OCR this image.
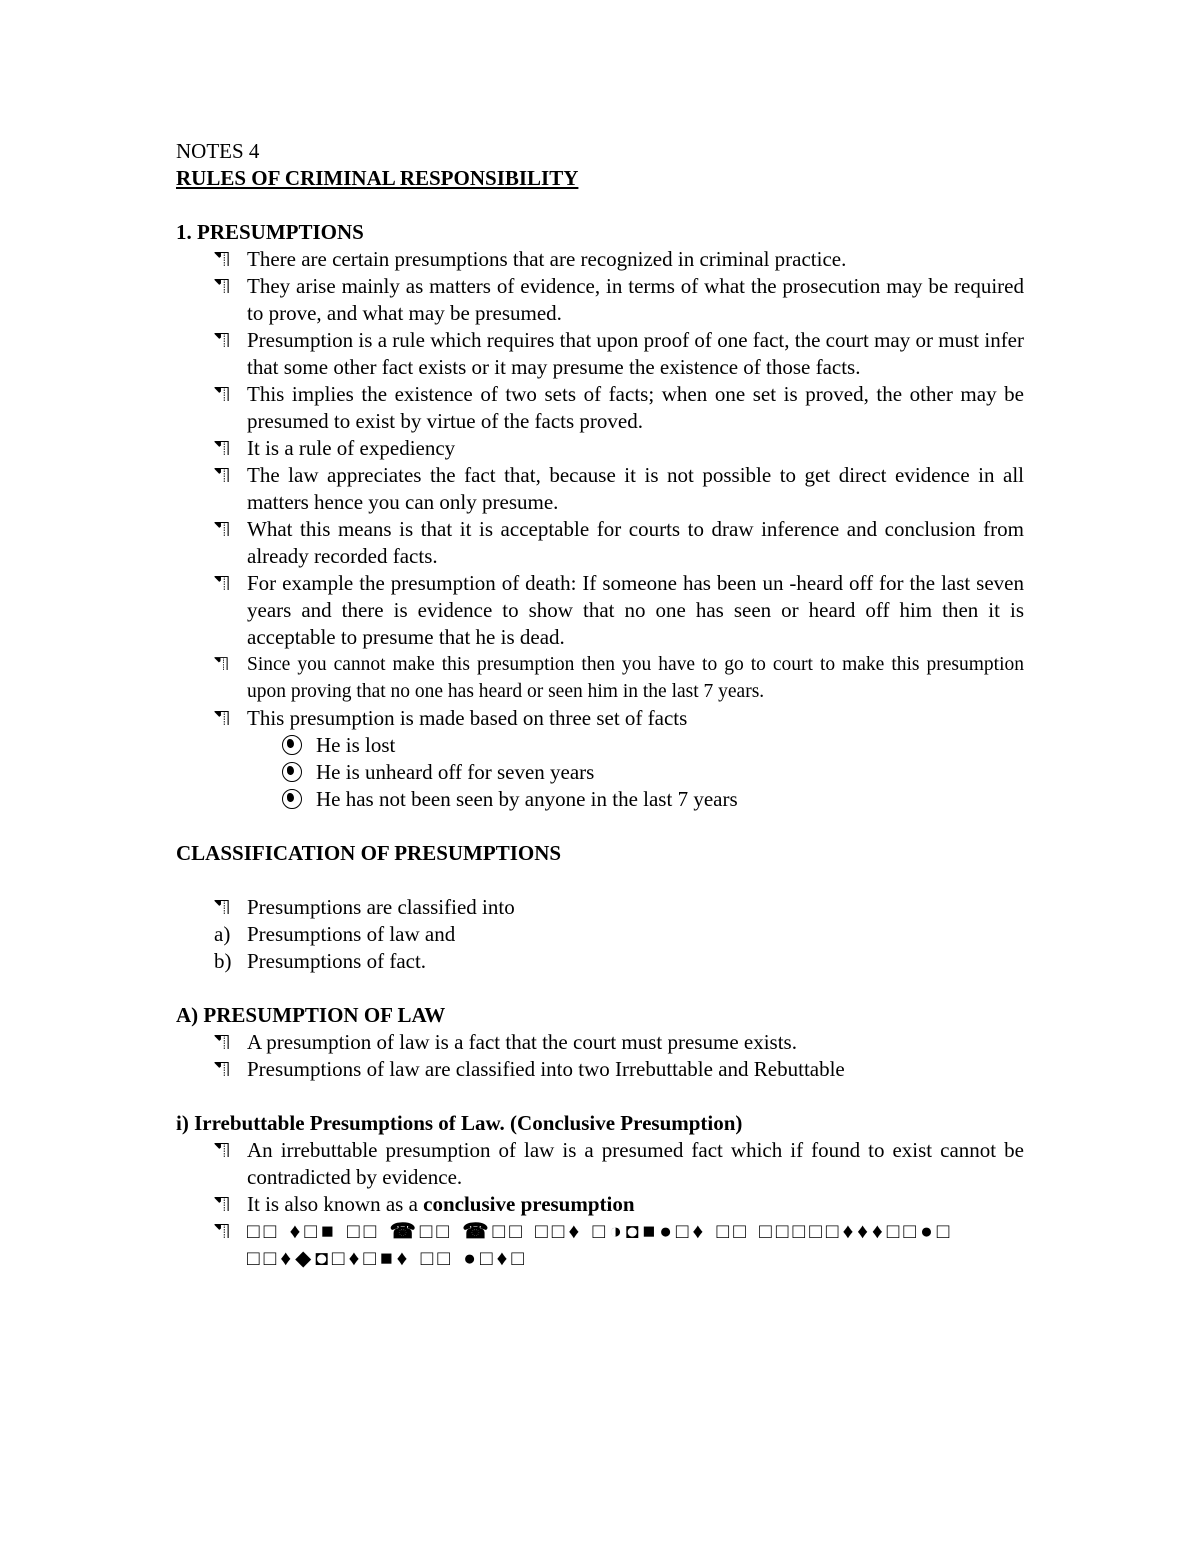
NOTES 4
RULES OF CRIMINAL RESPONSIBILITY
1. PRESUMPTIONS
⛠ There are certain presumptions that are recognized in criminal practice.
⛠ They arise mainly as matters of evidence, in terms of what the prosecution may be required to prove, and what may be presumed.
⛠ Presumption is a rule which requires that upon proof of one fact, the court may or must infer that some other fact exists or it may presume the existence of those facts.
⛠ This implies the existence of two sets of facts; when one set is proved, the other may be presumed to exist by virtue of the facts proved.
⛠ It is a rule of expediency
⛠ The law appreciates the fact that, because it is not possible to get direct evidence in all matters hence you can only presume.
⛠ What this means is that it is acceptable for courts to draw inference and conclusion from already recorded facts.
⛠ For example the presumption of death: If someone has been un -heard off for the last seven years and there is evidence to show that no one has seen or heard off him then it is acceptable to presume that he is dead.
⛠ Since you cannot make this presumption then you have to go to court to make this presumption upon proving that no one has heard or seen him in the last 7 years.
⛠ This presumption is made based on three set of facts
He is lost
He is unheard off for seven years
He has not been seen by anyone in the last 7 years
CLASSIFICATION OF PRESUMPTIONS
⛠ Presumptions are classified into
a) Presumptions of law and
b) Presumptions of fact.
A) PRESUMPTION OF LAW
⛠ A presumption of law is a fact that the court must presume exists.
⛠ Presumptions of law are classified into two Irrebuttable and Rebuttable
i) Irrebuttable Presumptions of Law. (Conclusive Presumption)
⛠ An irrebuttable presumption of law is a presumed fact which if found to exist cannot be contradicted by evidence.
⛠ It is also known as a conclusive presumption
⛠ □□ ♦□■ □□ ☎□□ ☎□□ □□♦ □◑◘■●□♦ □□ □□□□□♦♦♦□□●□
□□♦◆◘□♦□■♦ □□ ●□♦□
